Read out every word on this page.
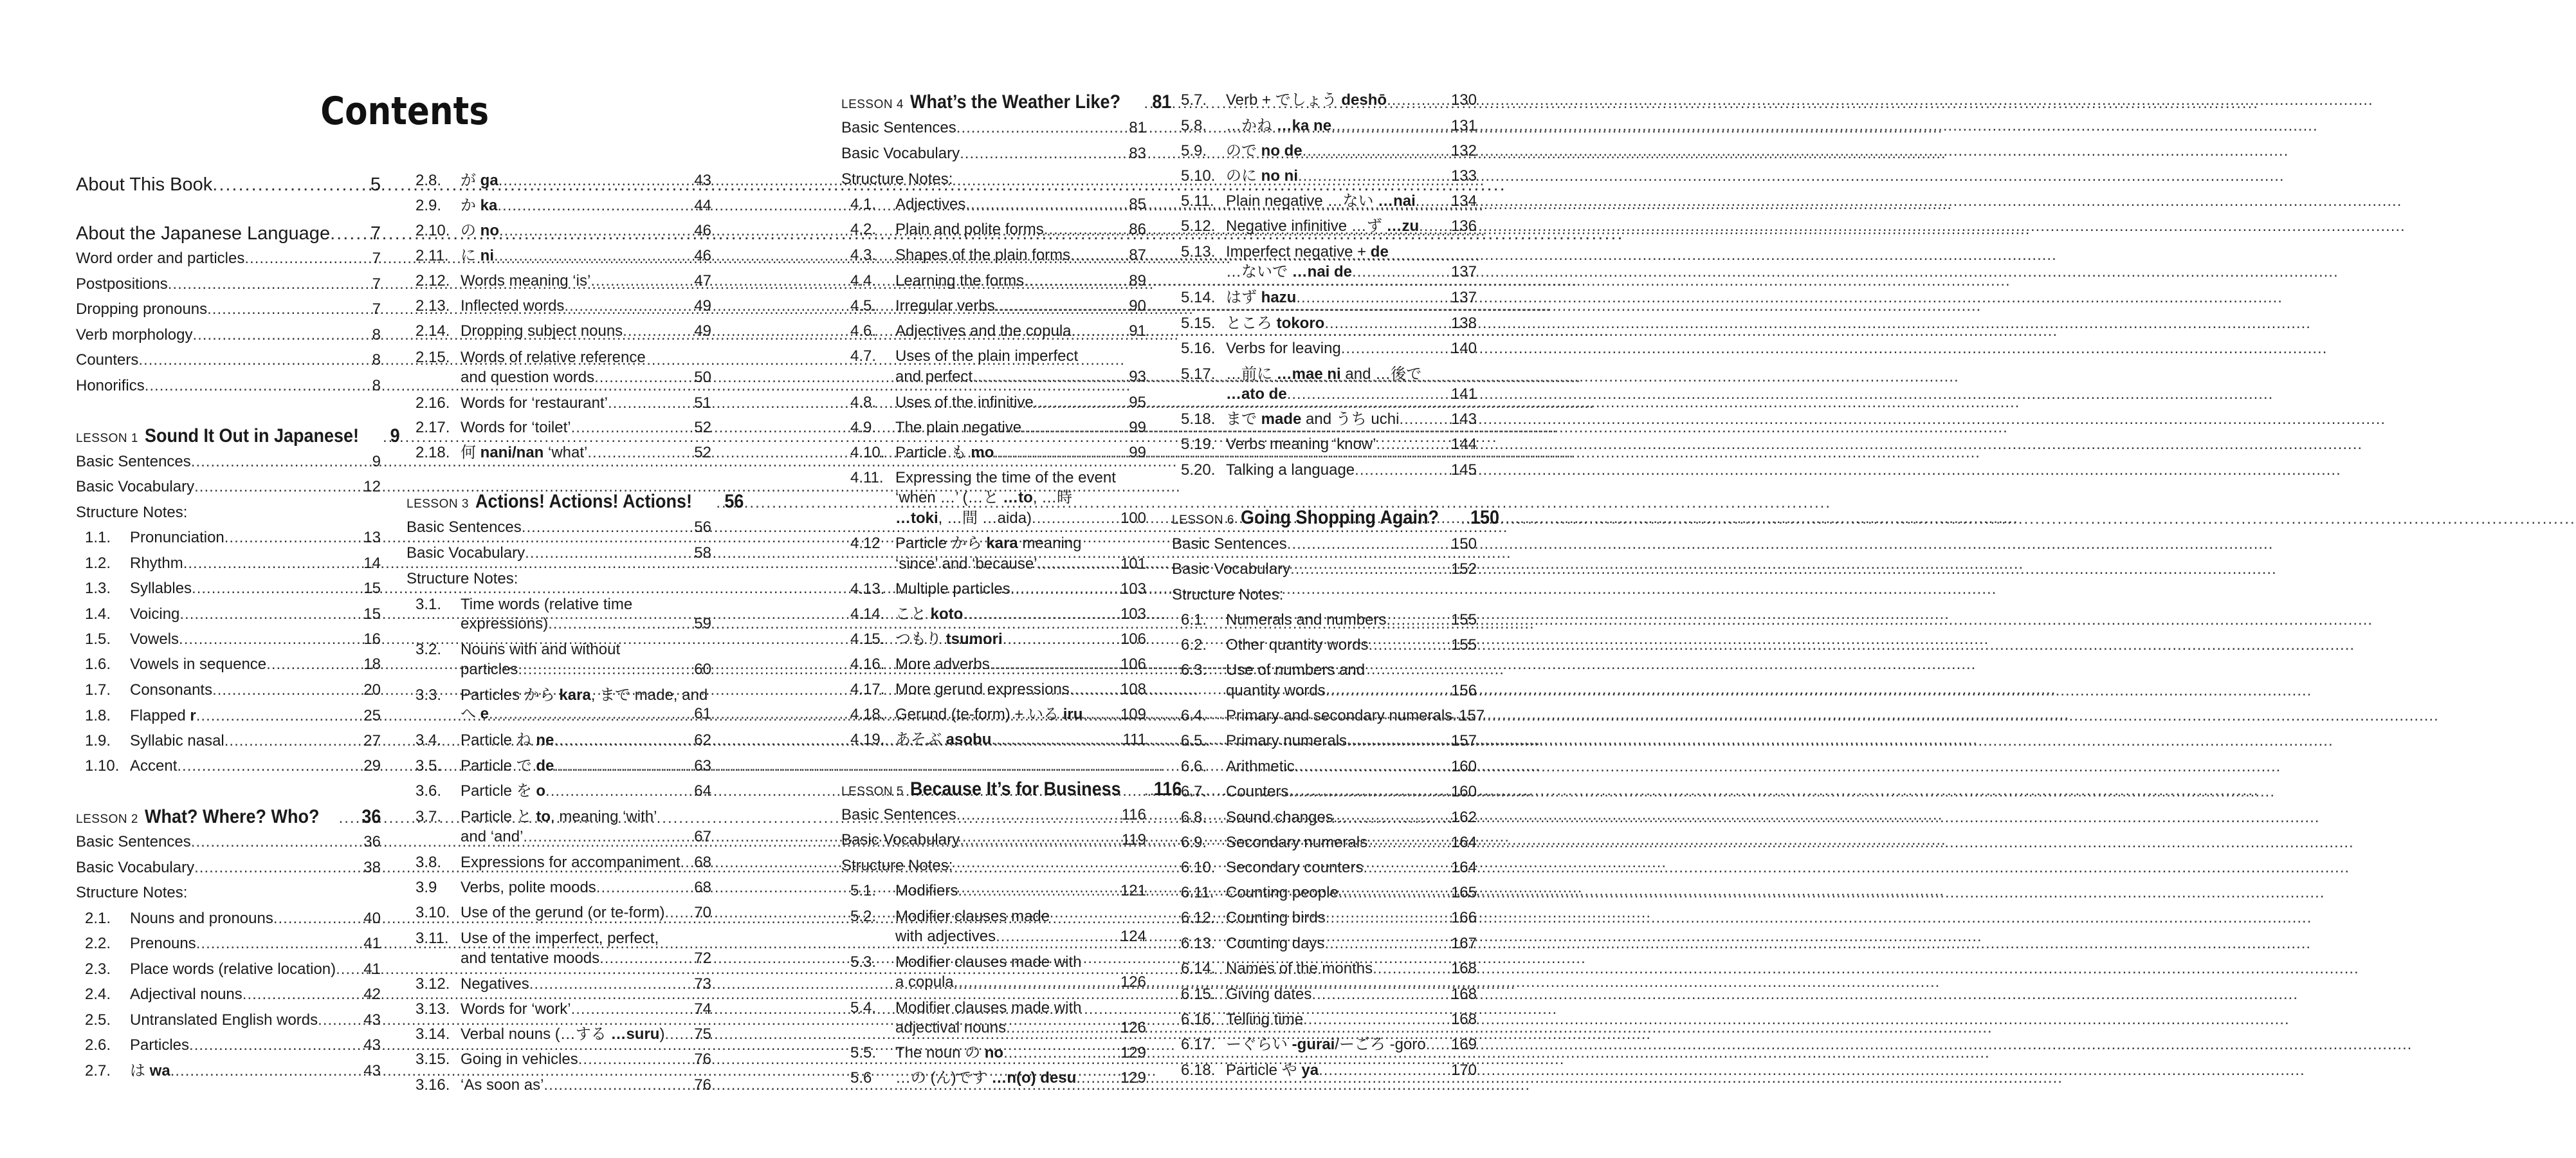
Contents
About This Book .....	5
About the Japanese Language ..... 7
Word order and particles .....	7
Postpositions .....	7
Dropping pronouns .....	7
Verb morphology .....	8
Counters .....	8
Honorifics .....	8
LESSON 1 Sound It Out in Japanese! ..... 9
Basic Sentences .....	9
Basic Vocabulary .....	12
Structure Notes:
1.1.	Pronunciation .....	13
1.2.	Rhythm .....	14
1.3.	Syllables .....	15
1.4.	Voicing .....	15
1.5.	Vowels .....	16
1.6.	Vowels in sequence .....	18
1.7.	Consonants .....	20
1.8.	Flapped r .....	25
1.9.	Syllabic nasal .....	27
1.10. Accent .....	29
LESSON 2 What? Where? Who? ..... 36
Basic Sentences .....	36
Basic Vocabulary .....	38
Structure Notes:
2.1.	Nouns and pronouns .....	40
2.2.	Prenouns .....	41
2.3.	Place words (relative location) ..... 41
2.4.	Adjectival nouns .....	42
2.5.	Untranslated English words .....	43
2.6.	Particles .....	43
2.7.	は wa .....	43
2.8.	が ga .....	43
2.9.	か ka .....	44
2.10. の no .....	46
2.11. に ni .....	46
2.12. Words meaning ‘is’ .....	47
2.13. Inflected words .....	49
2.14. Dropping subject nouns .....	49
2.15. Words of relative reference
and question words .....	50
2.16. Words for ‘restaurant’ .....	51
2.17. Words for ‘toilet’ .....	52
2.18. 何 nani/nan ‘what’ .....	52
LESSON 3 Actions! Actions! Actions! ..... 56
Basic Sentences .....	56
Basic Vocabulary .....	58
Structure Notes:
3.1.	Time words (relative time
expressions) .....	59
3.2.	Nouns with and without
particles .....	60
3.3.	Particles から kara, まで made, and
へ e .....	61
3.4.	Particle ね ne .....	62
3.5.	Particle で de .....	63
3.6.	Particle を o .....	64
3.7.	Particle と to, meaning ‘with’
and ‘and’ .....	67
3.8.	Expressions for accompaniment ..... 68
3.9	Verbs, polite moods .....	68
3.10. Use of the gerund (or te-form) ..... 70
3.11. Use of the imperfect, perfect,
and tentative moods .....	72
3.12. Negatives .....	73
3.13. Words for ‘work’ .....	74
3.14. Verbal nouns (…する …suru) ..... 75
3.15. Going in vehicles .....	76
3.16. ‘As soon as’ .....	76
LESSON 4 What’s the Weather Like? ..... 81
Basic Sentences .....	81
Basic Vocabulary .....	83
Structure Notes:
4.1.	Adjectives .....	85
4.2.	Plain and polite forms .....	86
4.3.	Shapes of the plain forms .....	87
4.4.	Learning the forms .....	89
4.5.	Irregular verbs .....	90
4.6.	Adjectives and the copula .....	91
4.7.	Uses of the plain imperfect
and perfect .....	93
4.8.	Uses of the infinitive .....	95
4.9.	The plain negative .....	99
4.10. Particle も mo .....	99
4.11. Expressing the time of the event
‘when …’ (…と …to, …時
…toki, …間 …aida) .....	100
4.12 Particle から kara meaning
‘since’ and ‘because’ .....	101
4.13. Multiple particles .....	103
4.14. こと koto .....	103
4.15. つもり tsumori .....	106
4.16. More adverbs .....	106
4.17. More gerund expressions .....	108
4.18. Gerund (te-form) + いる iru ..... 109
4.19. あそぶ asobu .....	111
LESSON 5 Because It’s for Business ..... 116
Basic Sentences .....	116
Basic Vocabulary .....	119
Structure Notes:
5.1.	Modifiers .....	121
5.2.	Modifier clauses made
with adjectives .....	124
5.3.	Modifier clauses made with
a copula .....	126
5.4.	Modifier clauses made with
adjectival nouns .....	126
5.5.	The noun の no .....	129
5.6	…の (ん)です …n(o) desu .....	129
5.7.	Verb + でしょう deshō .....	130
5.8.	…かね …ka ne .....	131
5.9.	ので no de .....	132
5.10. のに no ni .....	133
5.11. Plain negative …ない …nai ..... 134
5.12. Negative infinitive …ず …zu ..... 136
5.13. Imperfect negative + de
…ないで …nai de .....	137
5.14. はず hazu .....	137
5.15. ところ tokoro .....	138
5.16. Verbs for leaving .....	140
5.17. …前に …mae ni and …後で
…ato de .....	141
5.18. まで made and うち uchi .....	143
5.19. Verbs meaning ‘know’ .....	144
5.20. Talking a language .....	145
LESSON 6 Going Shopping Again? ..... 150
Basic Sentences .....	150
Basic Vocabulary .....	152
Structure Notes:
6.1.	Numerals and numbers .....	155
6.2.	Other quantity words .....	155
6.3.	Use of numbers and
quantity words .....	156
6.4.	Primary and secondary numerals ..... 157
6.5.	Primary numerals .....	157
6.6.	Arithmetic .....	160
6.7.	Counters .....	160
6.8.	Sound changes .....	162
6.9.	Secondary numerals .....	164
6.10. Secondary counters .....	164
6.11. Counting people .....	165
6.12. Counting birds .....	166
6.13. Counting days .....	167
6.14. Names of the months .....	168
6.15. Giving dates .....	168
6.16. Telling time .....	168
6.17. ーぐらい -gurai/ーごろ -goro ..... 169
6.18. Particle や ya .....	170
